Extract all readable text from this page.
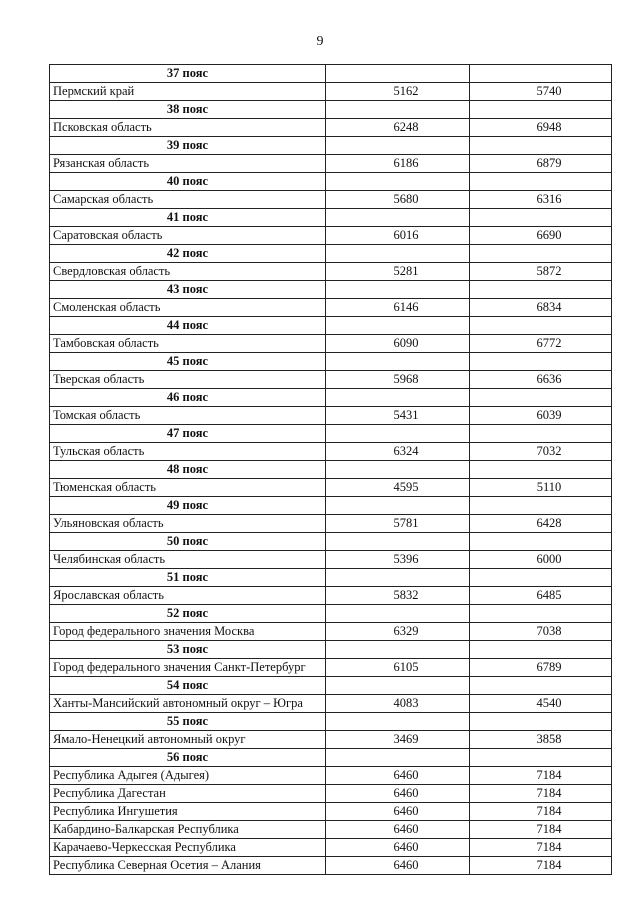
9
37 пояс		
Пермский край	5162	5740
38 пояс		
Псковская область	6248	6948
39 пояс		
Рязанская область	6186	6879
40 пояс		
Самарская область	5680	6316
41 пояс		
Саратовская область	6016	6690
42 пояс		
Свердловская область	5281	5872
43 пояс		
Смоленская область	6146	6834
44 пояс		
Тамбовская область	6090	6772
45 пояс		
Тверская область	5968	6636
46 пояс		
Томская область	5431	6039
47 пояс		
Тульская область	6324	7032
48 пояс		
Тюменская область	4595	5110
49 пояс		
Ульяновская область	5781	6428
50 пояс		
Челябинская область	5396	6000
51 пояс		
Ярославская область	5832	6485
52 пояс		
Город федерального значения Москва	6329	7038
53 пояс		
Город федерального значения Санкт-Петербург	6105	6789
54 пояс		
Ханты-Мансийский автономный округ – Югра	4083	4540
55 пояс		
Ямало-Ненецкий автономный округ	3469	3858
56 пояс		
Республика Адыгея (Адыгея)	6460	7184
Республика Дагестан	6460	7184
Республика Ингушетия	6460	7184
Кабардино-Балкарская Республика	6460	7184
Карачаево-Черкесская Республика	6460	7184
Республика Северная Осетия – Алания	6460	7184
